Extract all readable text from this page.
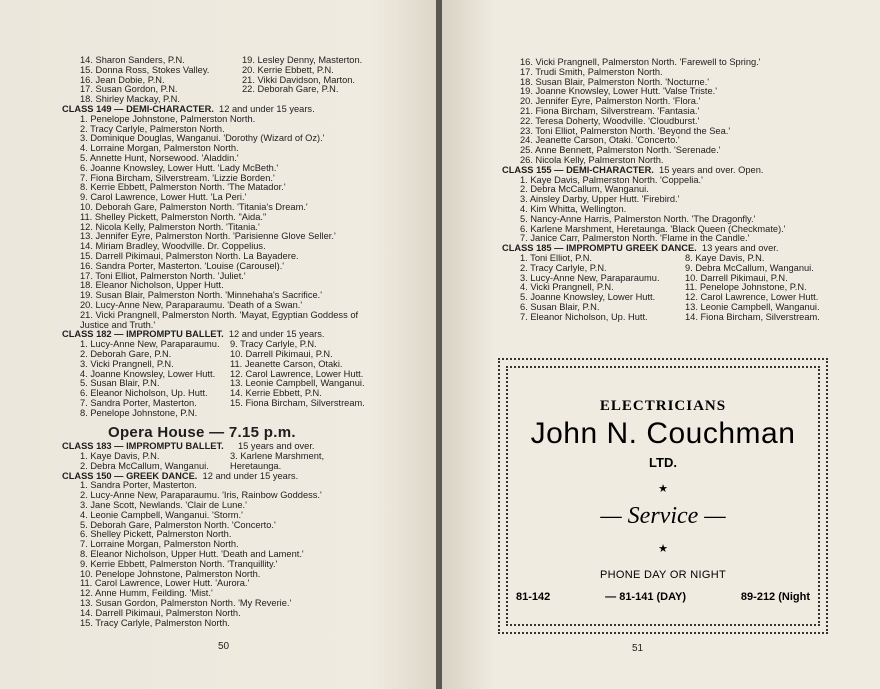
14. Sharon Sanders, P.N.	19. Lesley Denny, Masterton.
15. Donna Ross, Stokes Valley.	20. Kerrie Ebbett, P.N.
16. Jean Dobie, P.N.	21. Vikki Davidson, Marton.
17. Susan Gordon, P.N.	22. Deborah Gare, P.N.
18. Shirley Mackay, P.N.
CLASS 149 — DEMI-CHARACTER. 12 and under 15 years.
1. Penelope Johnstone, Palmerston North.
2. Tracy Carlyle, Palmerston North.
3. Dominique Douglas, Wanganui. 'Dorothy (Wizard of Oz).'
4. Lorraine Morgan, Palmerston North.
5. Annette Hunt, Norsewood. 'Aladdin.'
6. Joanne Knowsley, Lower Hutt. 'Lady McBeth.'
7. Fiona Bircham, Silverstream. 'Lizzie Borden.'
8. Kerrie Ebbett, Palmerston North. 'The Matador.'
9. Carol Lawrence, Lower Hutt. 'La Peri.'
10. Deborah Gare, Palmerston North. 'Titania's Dream.'
11. Shelley Pickett, Palmerston North. "Aida."
12. Nicola Kelly, Palmerston North. 'Titania.'
13. Jennifer Eyre, Palmerston North. 'Parisienne Glove Seller.'
14. Miriam Bradley, Woodville. Dr. Coppelius.
15. Darrell Pikimaui, Palmerston North. La Bayadere.
16. Sandra Porter, Masterton. 'Louise (Carousel).'
17. Toni Elliot, Palmerston North. 'Juliet.'
18. Eleanor Nicholson, Upper Hutt.
19. Susan Blair, Palmerston North. 'Minnehaha's Sacrifice.'
20. Lucy-Anne New, Paraparaumu. 'Death of a Swan.'
21. Vicki Prangnell, Palmerston North. 'Mayat, Egyptian Goddess of
Justice and Truth.'
CLASS 182 — IMPROMPTU BALLET. 12 and under 15 years.
1. Lucy-Anne New, Paraparaumu.	9. Tracy Carlyle, P.N.
2. Deborah Gare, P.N.	10. Darrell Pikimaui, P.N.
3. Vicki Prangnell, P.N.	11. Jeanette Carson, Otaki.
4. Joanne Knowsley, Lower Hutt.	12. Carol Lawrence, Lower Hutt.
5. Susan Blair, P.N.	13. Leonie Campbell, Wanganui.
6. Eleanor Nicholson, Up. Hutt.	14. Kerrie Ebbett, P.N.
7. Sandra Porter, Masterton.	15. Fiona Bircham, Silverstream.
8. Penelope Johnstone, P.N.
Opera House — 7.15 p.m.
CLASS 183 — IMPROMPTU BALLET.	15 years and over.
1. Kaye Davis, P.N.	3. Karlene Marshment,
2. Debra McCallum, Wanganui.	Heretaunga.
CLASS 150 — GREEK DANCE. 12 and under 15 years.
1. Sandra Porter, Masterton.
2. Lucy-Anne New, Paraparaumu. 'Iris, Rainbow Goddess.'
3. Jane Scott, Newlands. 'Clair de Lune.'
4. Leonie Campbell, Wanganui. 'Storm.'
5. Deborah Gare, Palmerston North. 'Concerto.'
6. Shelley Pickett, Palmerston North.
7. Lorraine Morgan, Palmerston North.
8. Eleanor Nicholson, Upper Hutt. 'Death and Lament.'
9. Kerrie Ebbett, Palmerston North. 'Tranquillity.'
10. Penelope Johnstone, Palmerston North.
11. Carol Lawrence, Lower Hutt. 'Aurora.'
12. Anne Humm, Feilding. 'Mist.'
13. Susan Gordon, Palmerston North. 'My Reverie.'
14. Darrell Pikimaui, Palmerston North.
15. Tracy Carlyle, Palmerston North.
50
16. Vicki Prangnell, Palmerston North. 'Farewell to Spring.'
17. Trudi Smith, Palmerston North.
18. Susan Blair, Palmerston North. 'Nocturne.'
19. Joanne Knowsley, Lower Hutt. 'Valse Triste.'
20. Jennifer Eyre, Palmerston North. 'Flora.'
21. Fiona Bircham, Silverstream. 'Fantasia.'
22. Teresa Doherty, Woodville. 'Cloudburst.'
23. Toni Elliot, Palmerston North. 'Beyond the Sea.'
24. Jeanette Carson, Otaki. 'Concerto.'
25. Anne Bennett, Palmerston North. 'Serenade.'
26. Nicola Kelly, Palmerston North.
CLASS 155 — DEMI-CHARACTER. 15 years and over. Open.
1. Kaye Davis, Palmerston North. 'Coppelia.'
2. Debra McCallum, Wanganui.
3. Ainsley Darby, Upper Hutt. 'Firebird.'
4. Kim Whitta, Wellington.
5. Nancy-Anne Harris, Palmerston North. 'The Dragonfly.'
6. Karlene Marshment, Heretaunga. 'Black Queen (Checkmate).'
7. Janice Carr, Palmerston North. 'Flame in the Candle.'
CLASS 185 — IMPROMPTU GREEK DANCE. 13 years and over.
1. Toni Elliot, P.N.	8. Kaye Davis, P.N.
2. Tracy Carlyle, P.N.	9. Debra McCallum, Wanganui.
3. Lucy-Anne New, Paraparaumu.	10. Darrell Pikimaui, P.N.
4. Vicki Prangnell, P.N.	11. Penelope Johnstone, P.N.
5. Joanne Knowsley, Lower Hutt.	12. Carol Lawrence, Lower Hutt.
6. Susan Blair, P.N.	13. Leonie Campbell, Wanganui.
7. Eleanor Nicholson, Up. Hutt.	14. Fiona Bircham, Silverstream.
ELECTRICIANS
John N. Couchman
LTD.
★
— Service —
★
PHONE DAY OR NIGHT
81-142	— 81-141 (DAY)	89-212 (Night
51
